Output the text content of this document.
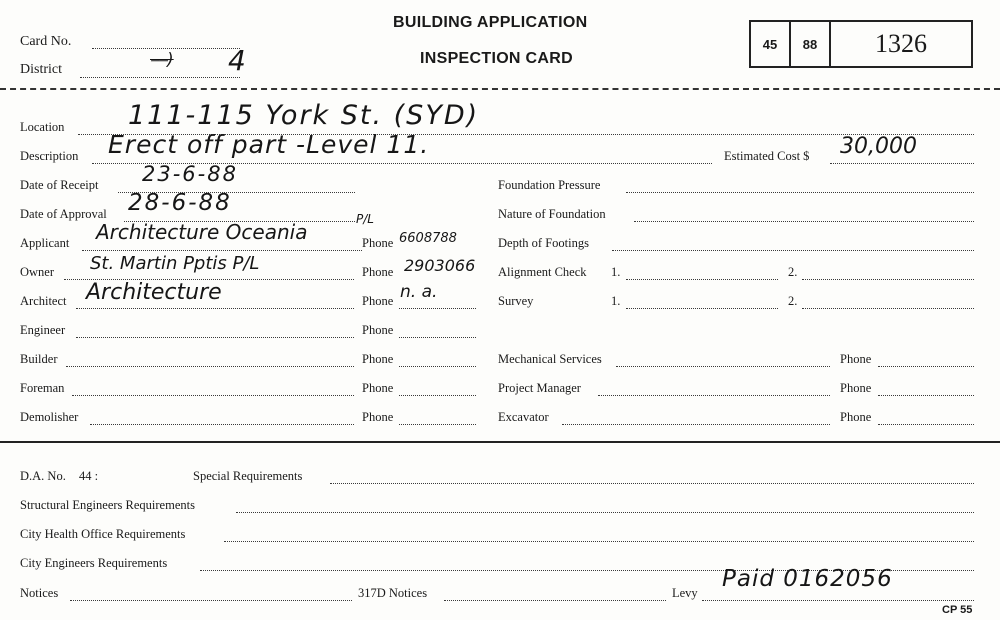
Card No.
District	⎯⎯) 4
BUILDING APPLICATION
INSPECTION CARD
45	88	1326
Location 111-115 York St. (SYD)
Description Erect off part -Level 11.	Estimated Cost $ 30,000
Date of Receipt 23-6-88
Date of Approval 28-6-88
Applicant Architecture Oceania
P/L
Phone 6608788
Owner St. Martin Pptis P/L	Phone 2903066
Architect Architecture	Phone n. a.
Engineer	Phone
Builder	Phone
Foreman	Phone
Demolisher	Phone
Foundation Pressure
Nature of Foundation
Depth of Footings
Alignment Check 1.	2.
Survey	1.	2.
Mechanical Services	Phone
Project Manager	Phone
Excavator	Phone
D.A. No. 44 :	Special Requirements
Structural Engineers Requirements
City Health Office Requirements
City Engineers Requirements
Notices	317D Notices	Levy
Paid 0162056
CP 55
